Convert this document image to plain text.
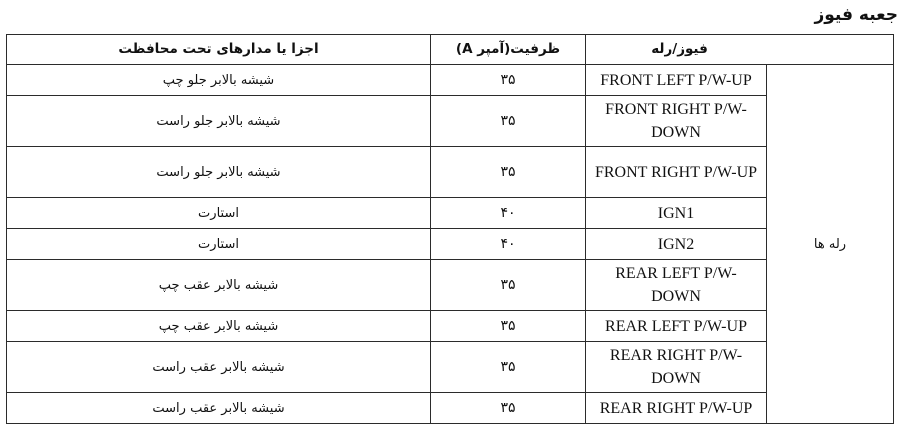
جعبه فیوز
اجزا یا مدارهای تحت محافظت	ظرفیت(آمپر A)	فیوز/رله	
شیشه بالابر جلو چپ	۳۵	FRONT LEFT P/W-UP	رله ها
شیشه بالابر جلو راست	۳۵	FRONT RIGHT P/W-DOWN	
شیشه بالابر جلو راست	۳۵	FRONT RIGHT P/W-UP	
استارت	۴۰	IGN1	
استارت	۴۰	IGN2	
شیشه بالابر عقب چپ	۳۵	REAR LEFT P/W-DOWN	
شیشه بالابر عقب چپ	۳۵	REAR LEFT P/W-UP	
شیشه بالابر عقب راست	۳۵	REAR RIGHT P/W-DOWN	
شیشه بالابر عقب راست	۳۵	REAR RIGHT P/W-UP	
